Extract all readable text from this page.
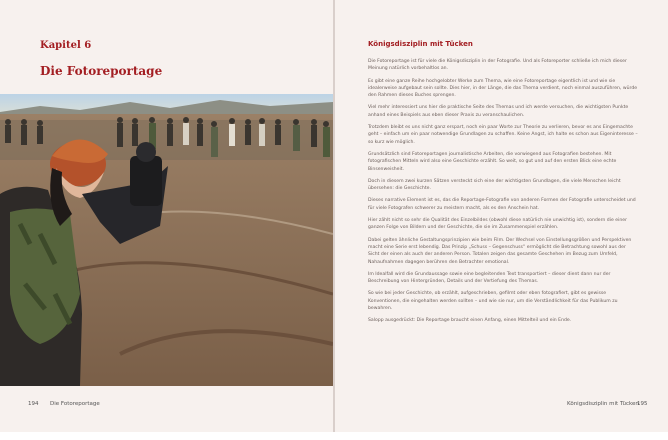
Kapitel 6
Die Fotoreportage
194 Die Fotoreportage
Königsdisziplin mit Tücken

Die Fotoreportage ist für viele die Königsdisziplin in der Fotografie. Und als Fotoreporter schließe ich mich dieser Meinung natürlich vorbehaltlos an.

Es gibt eine ganze Reihe hochgelobter Werke zum Thema, wie eine Fotoreportage eigentlich ist und wie sie idealerweise aufgebaut sein sollte. Dies hier, in der Länge, die das Thema verdient, noch einmal auszuführen, würde den Rahmen dieses Buches sprengen.

Viel mehr interessiert uns hier die praktische Seite des Themas und ich werde versuchen, die wichtigsten Punkte anhand eines Beispiels aus eben dieser Praxis zu veranschaulichen.

Trotzdem bleibt es uns nicht ganz erspart, noch ein paar Worte zur Theorie zu verlieren, bevor es ans Eingemachte geht – einfach um ein paar notwendige Grundlagen zu schaffen. Keine Angst, ich halte es schon aus Eigeninteresse – so kurz wie möglich.

Grundsätzlich sind Fotoreportagen journalistische Arbeiten, die vorwiegend aus Fotografien bestehen. Mit fotografischen Mitteln wird also eine Geschichte erzählt. So weit, so gut und auf den ersten Blick eine echte Binsenweisheit.

Doch in diesem zwei kurzen Sätzen versteckt sich eine der wichtigsten Grundlagen, die viele Menschen leicht übersehen: die Geschichte.

Dieses narrative Element ist es, das die Reportage-Fotografie von anderen Formen der Fotografie unterscheidet und für viele Fotografen schwerer zu meistern macht, als es den Anschein hat.

Hier zählt nicht so sehr die Qualität des Einzelbildes (obwohl diese natürlich nie unwichtig ist), sondern die einer ganzen Folge von Bildern und der Geschichte, die sie im Zusammenspiel erzählen.

Dabei gelten ähnliche Gestaltungsprinzipien wie beim Film. Der Wechsel von Einstellungsgrößen und Perspektiven macht eine Serie erst lebendig. Das Prinzip „Schuss – Gegenschuss“ ermöglicht die Betrachtung sowohl aus der Sicht der einen als auch der anderen Person. Totalen zeigen das gesamte Geschehen im Bezug zum Umfeld, Nahaufnahmen dagegen berühren den Betrachter emotional.

Im Idealfall wird die Grundaussage sowie eine begleitenden Text transportiert – dieser dient dann nur der Beschreibung von Hintergründen, Details und der Vertiefung des Themas.

So wie bei jeder Geschichte, ob erzählt, aufgeschrieben, gefilmt oder eben fotografiert, gibt es gewisse Konventionen, die eingehalten werden sollten – und wie sie nur, um die Verständlichkeit für das Publikum zu bewahren.

Salopp ausgedrückt: Die Reportage braucht einen Anfang, einen Mittelteil und ein Ende.

Königsdisziplin mit Tücken
195
